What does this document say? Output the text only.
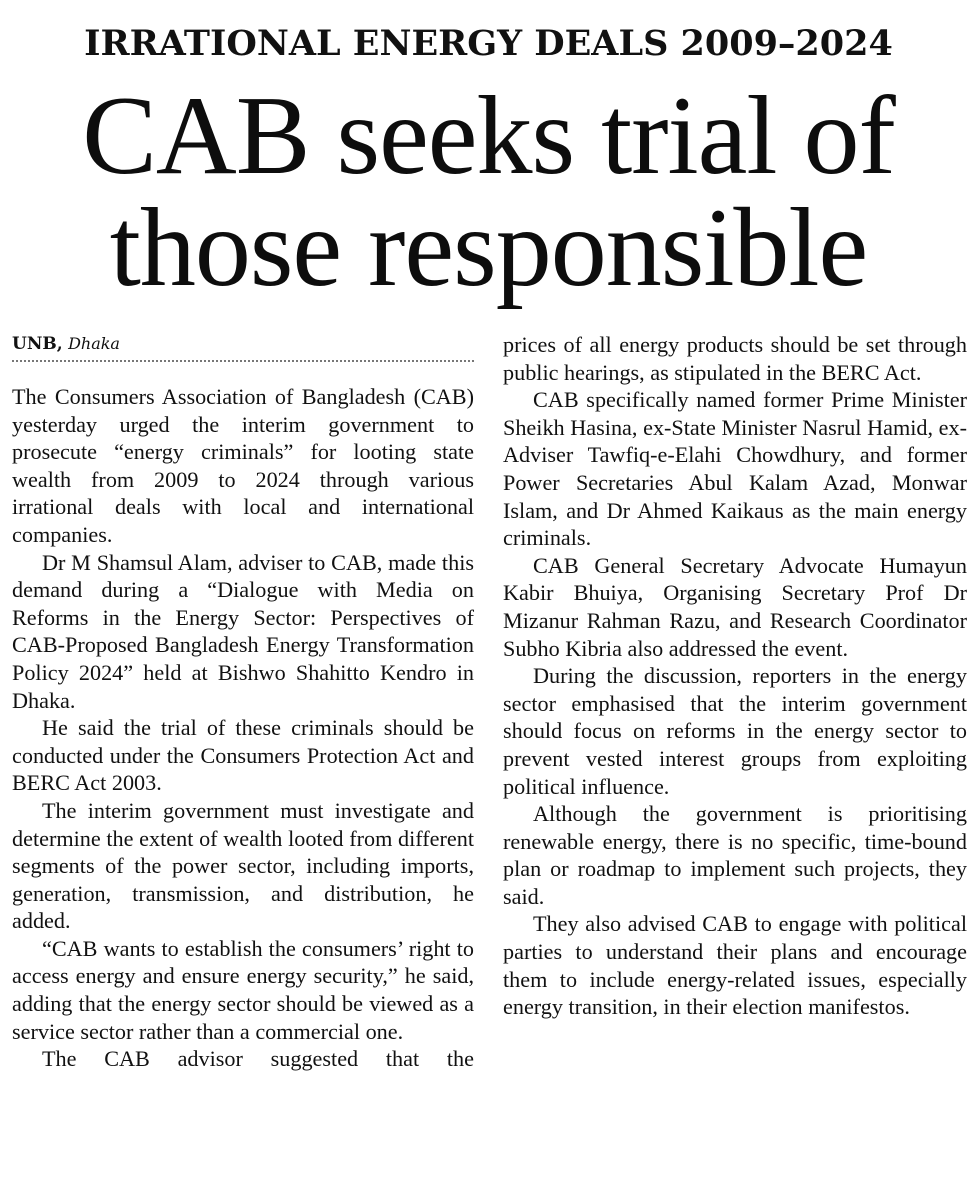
IRRATIONAL ENERGY DEALS 2009–2024
CAB seeks trial of
those responsible
UNB, Dhaka

The Consumers Association of Bangladesh (CAB) yesterday urged the interim government to prosecute “energy criminals” for looting state wealth from 2009 to 2024 through various irrational deals with local and international companies.

Dr M Shamsul Alam, adviser to CAB, made this demand during a “Dialogue with Media on Reforms in the Energy Sector: Perspectives of CAB-Proposed Bangladesh Energy Transformation Policy 2024” held at Bishwo Shahitto Kendro in Dhaka.

He said the trial of these criminals should be conducted under the Consumers Protection Act and BERC Act 2003.

The interim government must investigate and determine the extent of wealth looted from different segments of the power sector, including imports, generation, transmission, and distribution, he added.

“CAB wants to establish the consumers’ right to access energy and ensure energy security,” he said, adding that the energy sector should be viewed as a service sector rather than a commercial one.

The CAB advisor suggested that the

prices of all energy products should be set through public hearings, as stipulated in the BERC Act.

CAB specifically named former Prime Minister Sheikh Hasina, ex-State Minister Nasrul Hamid, ex-Adviser Tawfiq-e-Elahi Chowdhury, and former Power Secretaries Abul Kalam Azad, Monwar Islam, and Dr Ahmed Kaikaus as the main energy criminals.

CAB General Secretary Advocate Humayun Kabir Bhuiya, Organising Secretary Prof Dr Mizanur Rahman Razu, and Research Coordinator Subho Kibria also addressed the event.

During the discussion, reporters in the energy sector emphasised that the interim government should focus on reforms in the energy sector to prevent vested interest groups from exploiting political influence.

Although the government is prioritising renewable energy, there is no specific, time-bound plan or roadmap to implement such projects, they said.

They also advised CAB to engage with political parties to understand their plans and encourage them to include energy-related issues, especially energy transition, in their election manifestos.
